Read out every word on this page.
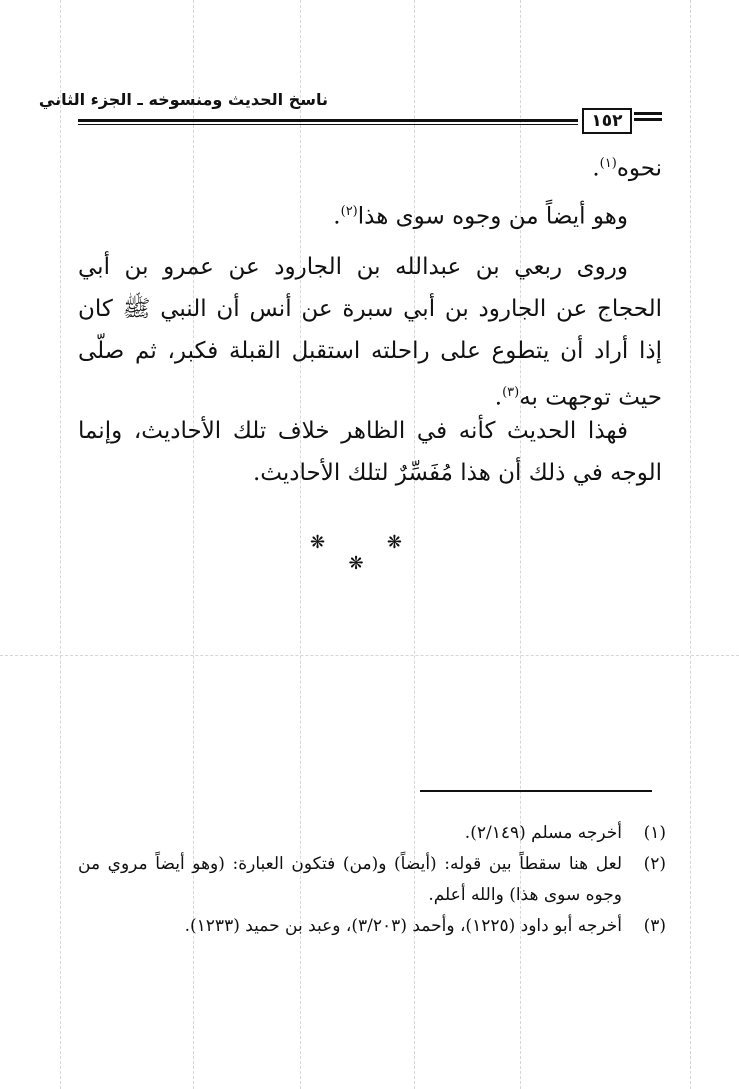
ناسخ الحديث ومنسوخه ـ الجزء الثاني
١٥٢

نحوه$^{(١)}$.

وهو أيضاً من وجوه سوى هذا$^{(٢)}$.

وروى ربعي بن عبدالله بن الجارود عن عمرو بن أبي الحجاج عن الجارود بن أبي سبرة عن أنس أن النبي ﷺ كان إذا أراد أن يتطوع على راحلته استقبل القبلة فكبر، ثم صلّى حيث توجهت به$^{(٣)}$.

فهذا الحديث كأنه في الظاهر خلاف تلك الأحاديث، وإنما الوجه في ذلك أن هذا مُفَسِّرٌ لتلك الأحاديث.

❋ ❋ ❋

(١)
أخرجه مسلم (٢/١٤٩).

(٢)
لعل هنا سقطاً بين قوله: (أيضاً) و(من) فتكون العبارة: (وهو أيضاً مروي من وجوه سوى هذا) والله أعلم.

(٣)
أخرجه أبو داود (١٢٢٥)، وأحمد (٣/٢٠٣)، وعبد بن حميد (١٢٣٣).
